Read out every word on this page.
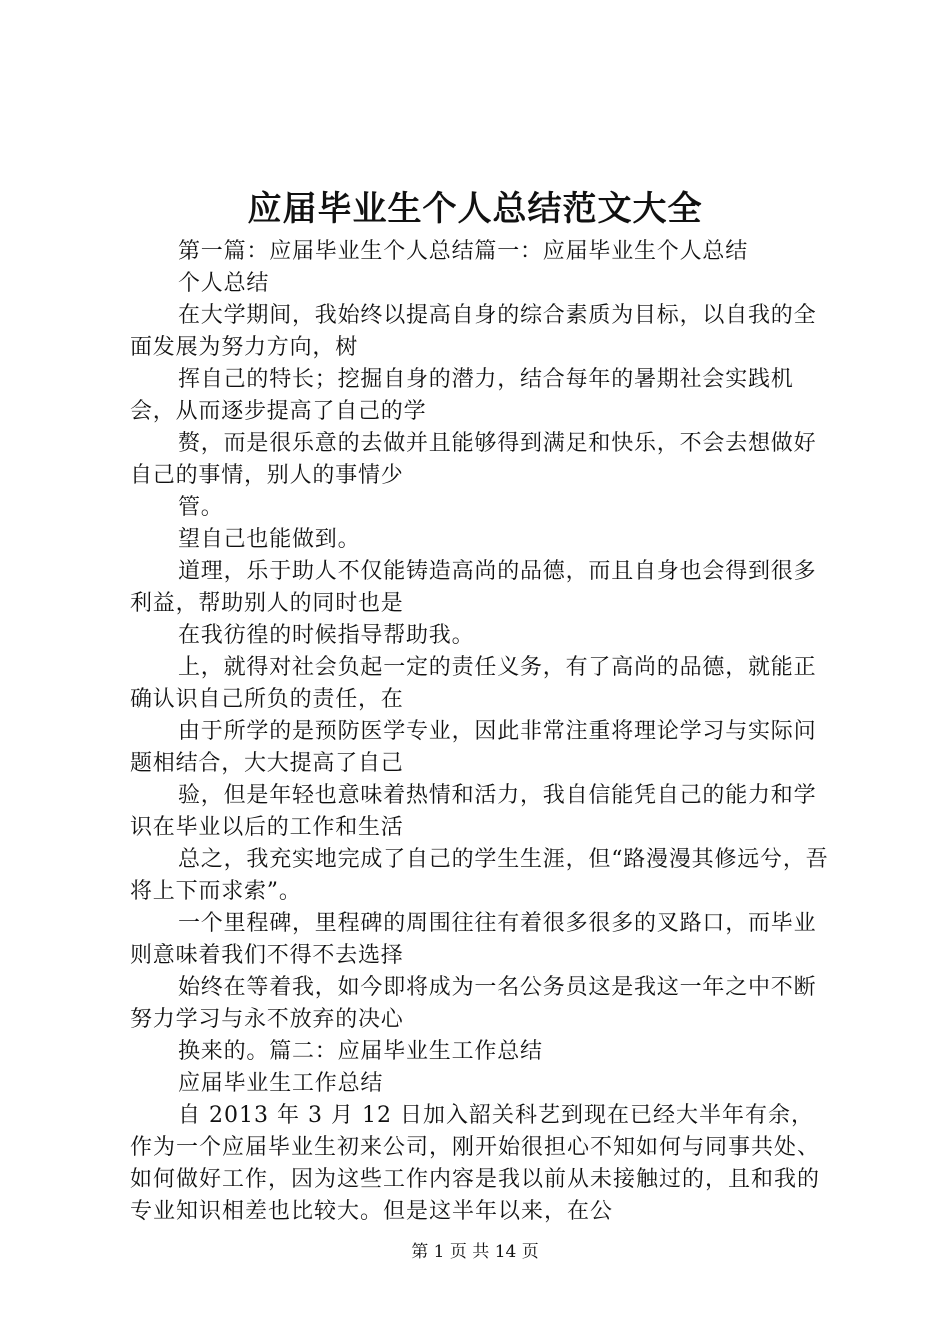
应届毕业生个人总结范文大全

第一篇：应届毕业生个人总结篇一：应届毕业生个人总结

个人总结

在大学期间，我始终以提高自身的综合素质为目标，以自我的全面发展为努力方向，树

挥自己的特长；挖掘自身的潜力，结合每年的暑期社会实践机会，从而逐步提高了自己的学

赘，而是很乐意的去做并且能够得到满足和快乐，不会去想做好自己的事情，别人的事情少

管。

望自己也能做到。

道理，乐于助人不仅能铸造高尚的品德，而且自身也会得到很多利益，帮助别人的同时也是

在我彷徨的时候指导帮助我。

上，就得对社会负起一定的责任义务，有了高尚的品德，就能正确认识自己所负的责任，在

由于所学的是预防医学专业，因此非常注重将理论学习与实际问题相结合，大大提高了自己

验，但是年轻也意味着热情和活力，我自信能凭自己的能力和学识在毕业以后的工作和生活

总之，我充实地完成了自己的学生生涯，但“路漫漫其修远兮，吾将上下而求索”。

一个里程碑，里程碑的周围往往有着很多很多的叉路口，而毕业则意味着我们不得不去选择

始终在等着我，如今即将成为一名公务员这是我这一年之中不断努力学习与永不放弃的决心

换来的。篇二：应届毕业生工作总结

应届毕业生工作总结

自 2013 年 3 月 12 日加入韶关科艺到现在已经大半年有余，作为一个应届毕业生初来公司，刚开始很担心不知如何与同事共处、如何做好工作，因为这些工作内容是我以前从未接触过的，且和我的专业知识相差也比较大。但是这半年以来，在公

第 1 页 共 14 页
